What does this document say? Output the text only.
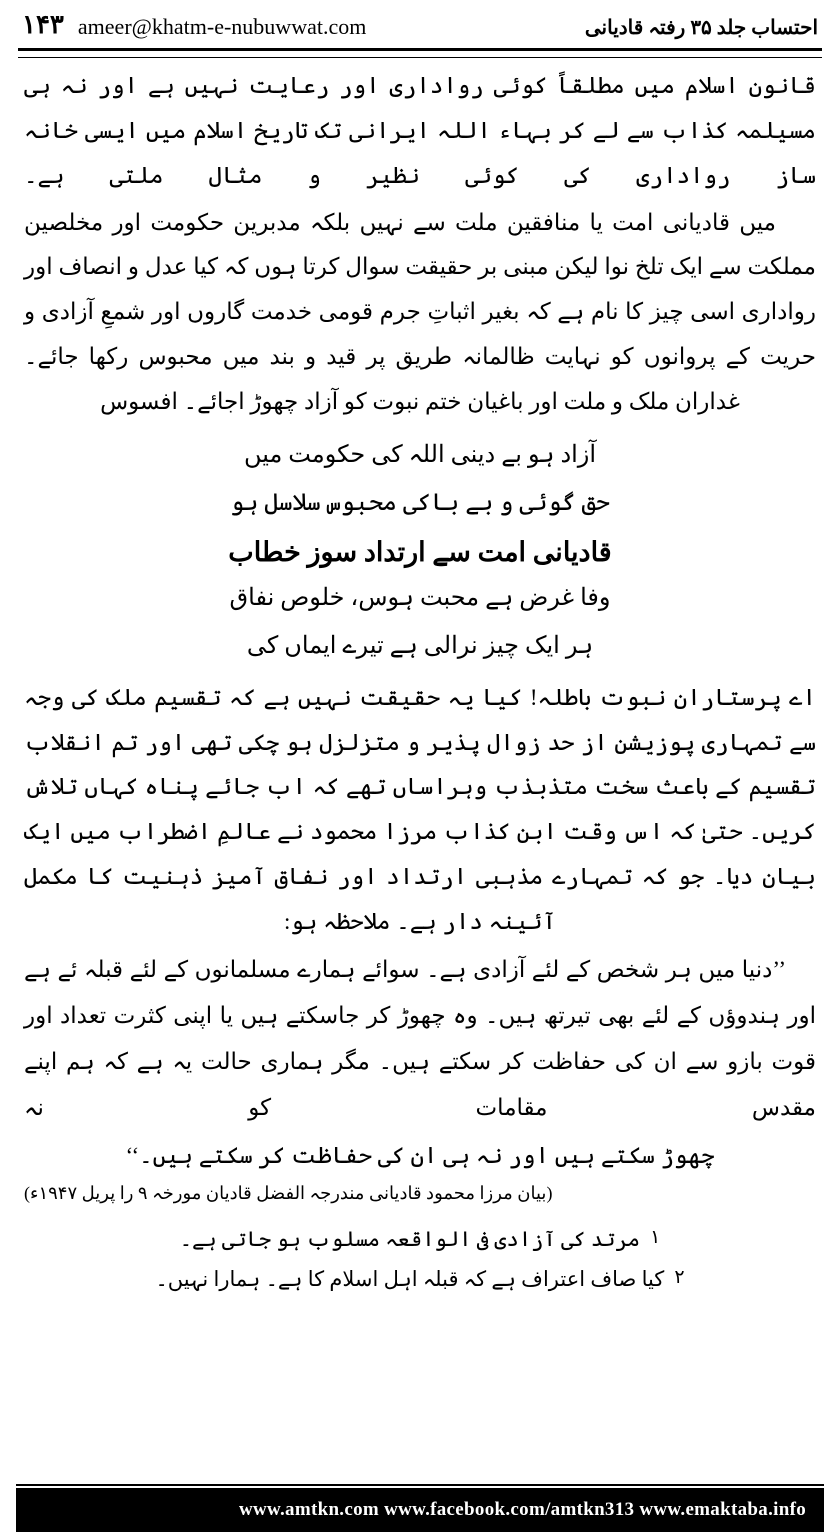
احتساب جلد ۳۵ رفتہ قادیانی
۱۴۳ ameer@khatm-e-nubuwwat.com

قانون اسلام میں مطلقاً کوئی رواداری اور رعایت نہیں ہے اور نہ ہی مسیلمہ کذاب سے لے کر بہاء اللہ ایرانی تک تاریخ اسلام میں ایسی خانہ ساز رواداری کی کوئی نظیر و مثال ملتی ہے۔

میں قادیانی امت یا منافقین ملت سے نہیں بلکہ مدبرین حکومت اور مخلصین مملکت سے ایک تلخ نوا لیکن مبنی بر حقیقت سوال کرتا ہوں کہ کیا عدل و انصاف اور رواداری اسی چیز کا نام ہے کہ بغیر اثباتِ جرم قومی خدمت گاروں اور شمعِ آزادی و حریت کے پروانوں کو نہایت ظالمانہ طریق پر قید و بند میں محبوس رکھا جائے۔ غداران ملک و ملت اور باغیان ختم نبوت کو آزاد چھوڑ اجائے۔ افسوس

آزاد ہو بے دینی اللہ کی حکومت میں
حق گوئی و بے باکی محبوس سلاسل ہو
قادیانی امت سے ارتداد سوز خطاب
وفا غرض ہے محبت ہوس، خلوص نفاق
ہر ایک چیز نرالی ہے تیرے ایماں کی

اے پرستاران نبوت باطلہ! کیا یہ حقیقت نہیں ہے کہ تقسیم ملک کی وجہ سے تمہاری پوزیشن از حد زوال پذیر و متزلزل ہو چکی تھی اور تم انقلاب تقسیم کے باعث سخت متذبذب وہراساں تھے کہ اب جائے پناہ کہاں تلاش کریں۔ حتیٰ کہ اس وقت ابن کذاب مرزا محمود نے عالمِ اضطراب میں ایک بیان دیا۔ جو کہ تمہارے مذہبی ارتداد اور نفاق آمیز ذہنیت کا مکمل آئینہ دار ہے۔ ملاحظہ ہو:

’’دنیا میں ہر شخص کے لئے آزادی ہے۔ سوائے ہمارے مسلمانوں کے لئے قبلہ ئے ہے اور ہندوؤں کے لئے بھی تیرتھ ہیں۔ وہ چھوڑ کر جاسکتے ہیں یا اپنی کثرت تعداد اور قوت بازو سے ان کی حفاظت کر سکتے ہیں۔ مگر ہماری حالت یہ ہے کہ ہم اپنے مقدس مقامات کو نہ
چھوڑ سکتے ہیں اور نہ ہی ان کی حفاظت کر سکتے ہیں۔‘‘
(بیان مرزا محمود قادیانی مندرجہ الفضل قادیان مورخہ ۹ را پریل ۱۹۴۷ء)
۱
مرتد کی آزادی فی الواقعہ مسلوب ہو جاتی ہے۔
۲
کیا صاف اعتراف ہے کہ قبلہ اہل اسلام کا ہے۔ ہمارا نہیں۔
www.amtkn.com www.facebook.com/amtkn313 www.emaktaba.info
